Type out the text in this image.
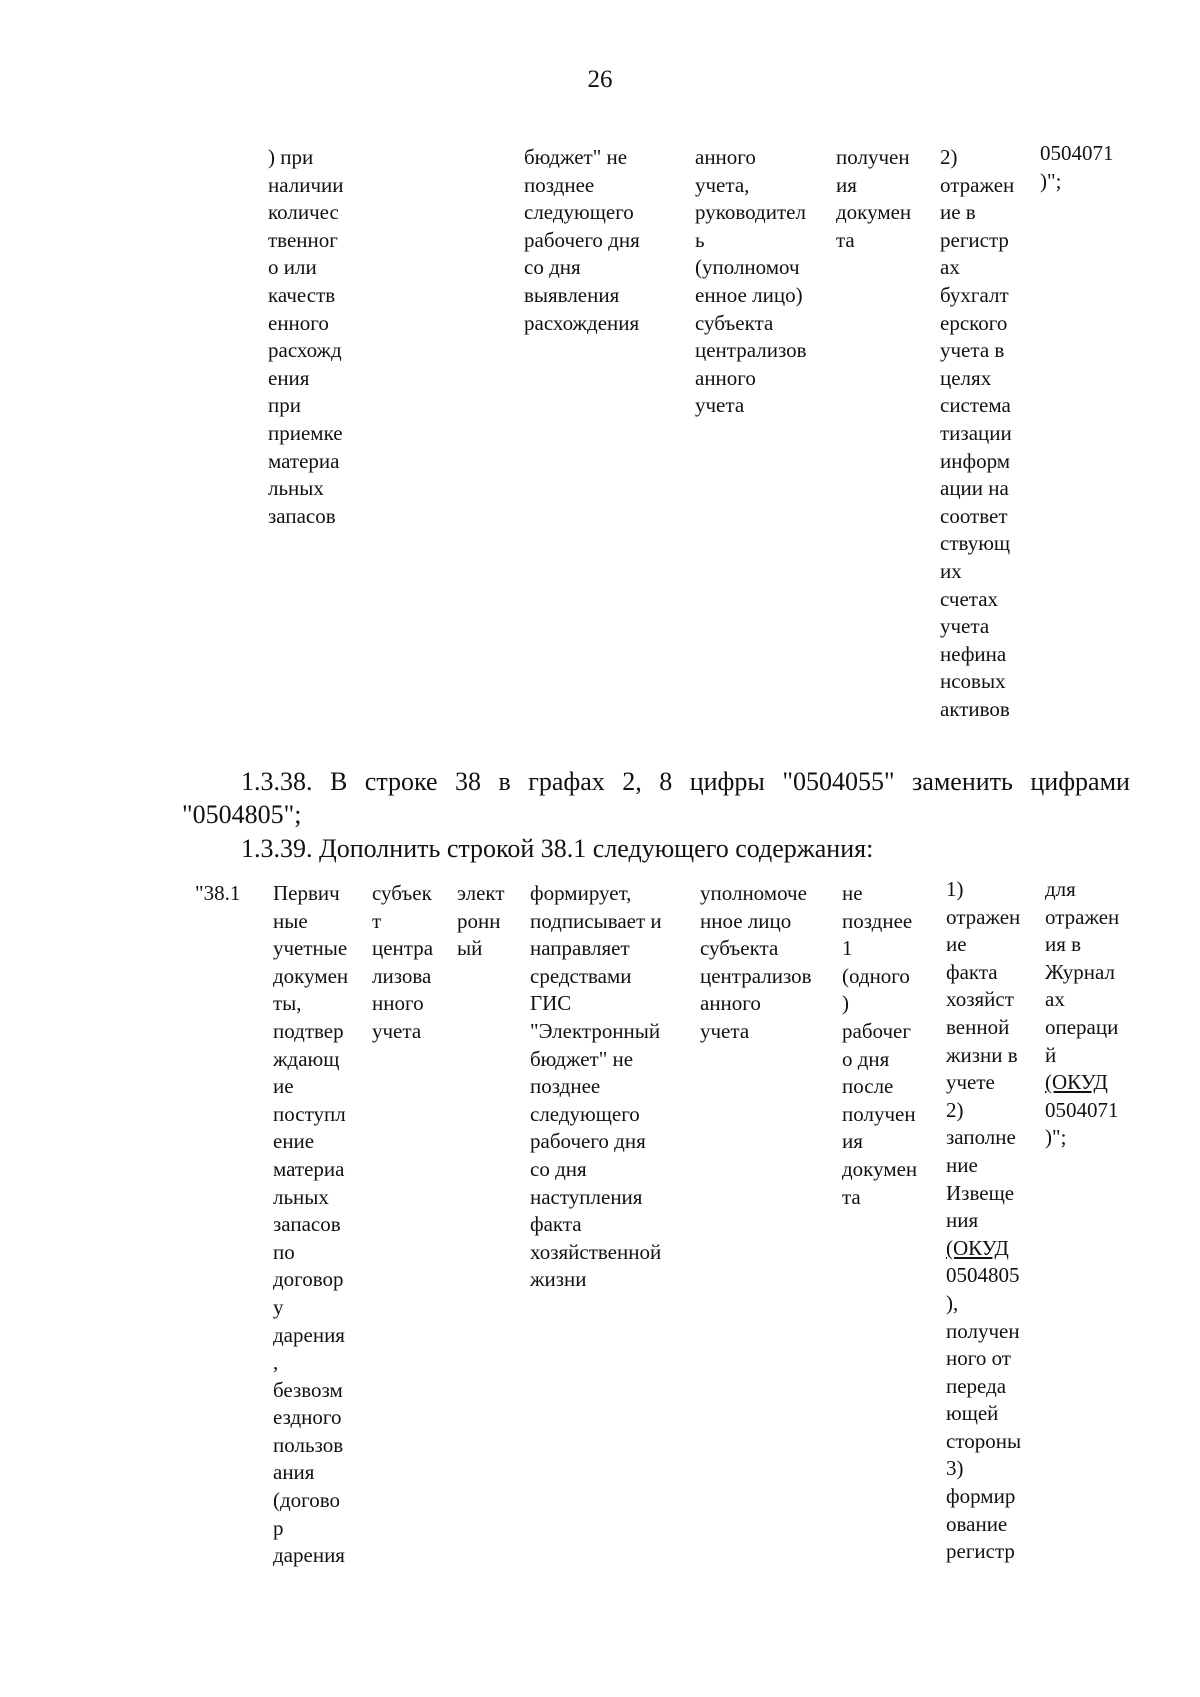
26
) при
наличии
количес
твенног
о или
качеств
енного
расхожд
ения
при
приемке
материа
льных
запасов
бюджет" не
позднее
следующего
рабочего дня
со дня
выявления
расхождения
анного
учета,
руководител
ь
(уполномоч
енное лицо)
субъекта
централизов
анного
учета
получен
ия
докумен
та
2)
отражен
ие в
регистр
ах
бухгалт
ерского
учета в
целях
система
тизации
информ
ации на
соответ
ствующ
их
счетах
учета
нефина
нсовых
активов
0504071
)";
1.3.38. В строке 38 в графах 2, 8 цифры "0504055" заменить цифрами
"0504805";
1.3.39. Дополнить строкой 38.1 следующего содержания:
"38.1 Первич
ные
учетные
докумен
ты,
подтвер
ждающ
ие
поступл
ение
материа
льных
запасов
по
договор
у
дарения
,
безвозм
ездного
пользов
ания
(догово
р
дарения
субъек
т
центра
лизова
нного
учета
элект
ронн
ый
формирует,
подписывает и
направляет
средствами
ГИС
"Электронный
бюджет" не
позднее
следующего
рабочего дня
со дня
наступления
факта
хозяйственной
жизни
уполномоче
нное лицо
субъекта
централизов
анного
учета
не
позднее
1
(одного
)
рабочег
о дня
после
получен
ия
докумен
та
1)
отражен
ие
факта
хозяйст
венной
жизни в
учете
2)
заполне
ние
Извеще
ния
(ОКУД
0504805
),
получен
ного от
переда
ющей
стороны
3)
формир
ование
регистр
для
отражен
ия в
Журнал
ах
операци
й
(ОКУД
0504071
)";
